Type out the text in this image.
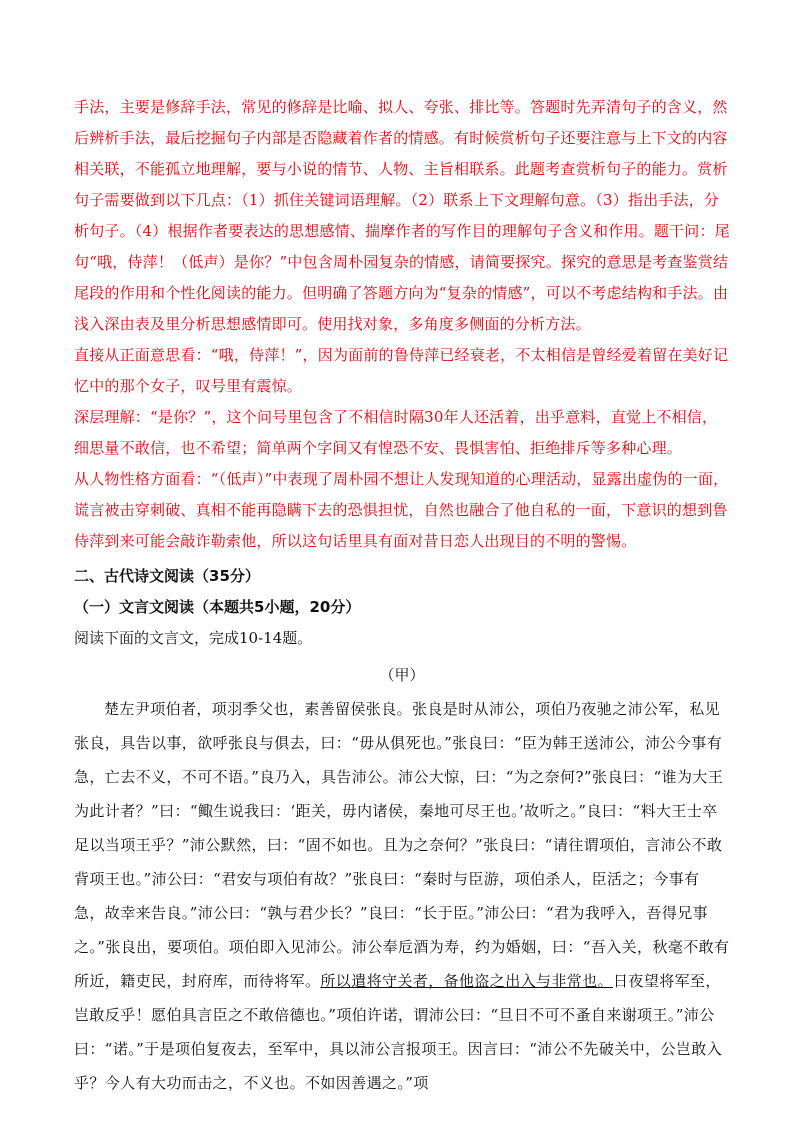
手法，主要是修辞手法，常见的修辞是比喻、拟人、夸张、排比等。答题时先弄清句子的含义，然后辨析手法，最后挖掘句子内部是否隐藏着作者的情感。有时候赏析句子还要注意与上下文的内容相关联，不能孤立地理解，要与小说的情节、人物、主旨相联系。此题考查赏析句子的能力。赏析句子需要做到以下几点：（1）抓住关键词语理解。（2）联系上下文理解句意。（3）指出手法，分析句子。（4）根据作者要表达的思想感情、揣摩作者的写作目的理解句子含义和作用。题干问：尾句“哦，侍萍！（低声）是你？”中包含周朴园复杂的情感，请简要探究。探究的意思是考查鉴赏结尾段的作用和个性化阅读的能力。但明确了答题方向为“复杂的情感”，可以不考虑结构和手法。由浅入深由表及里分析思想感情即可。使用找对象，多角度多侧面的分析方法。

直接从正面意思看：“哦，侍萍！”，因为面前的鲁侍萍已经衰老，不太相信是曾经爱着留在美好记忆中的那个女子，叹号里有震惊。

深层理解：“是你？”，这个问号里包含了不相信时隔30年人还活着，出乎意料，直觉上不相信，细思量不敢信，也不希望；简单两个字间又有惶恐不安、畏惧害怕、拒绝排斥等多种心理。

从人物性格方面看：“（低声）”中表现了周朴园不想让人发现知道的心理活动，显露出虚伪的一面，谎言被击穿刺破、真相不能再隐瞒下去的恐惧担忧，自然也融合了他自私的一面，下意识的想到鲁侍萍到来可能会敲诈勒索他，所以这句话里具有面对昔日恋人出现目的不明的警惕。

二、古代诗文阅读（35分）
（一）文言文阅读（本题共5小题，20分）
阅读下面的文言文，完成10-14题。
（甲）

楚左尹项伯者，项羽季父也，素善留侯张良。张良是时从沛公，项伯乃夜驰之沛公军，私见张良，具告以事，欲呼张良与俱去，曰：“毋从俱死也。”张良曰：“臣为韩王送沛公，沛公今事有急，亡去不义，不可不语。”良乃入，具告沛公。沛公大惊，曰：“为之奈何?”张良曰：“谁为大王为此计者？”曰：“鲰生说我曰：‘距关，毋内诸侯，秦地可尽王也。’故听之。”良曰：“料大王士卒足以当项王乎？”沛公默然，曰：“固不如也。且为之奈何？”张良曰：“请往谓项伯，言沛公不敢背项王也。”沛公曰：“君安与项伯有故？”张良曰：“秦时与臣游，项伯杀人，臣活之；今事有急，故幸来告良。”沛公曰：“孰与君少长？”良曰：“长于臣。”沛公曰：“君为我呼入，吾得兄事之。”张良出，要项伯。项伯即入见沛公。沛公奉卮酒为寿，约为婚姻，曰：“吾入关，秋毫不敢有所近，籍吏民，封府库，而待将军。所以遣将守关者，备他盗之出入与非常也。日夜望将军至，岂敢反乎！愿伯具言臣之不敢倍德也。”项伯许诺，谓沛公曰：“旦日不可不蚤自来谢项王。”沛公曰：“诺。”于是项伯复夜去，至军中，具以沛公言报项王。因言曰：“沛公不先破关中，公岂敢入乎？今人有大功而击之，不义也。不如因善遇之。”项
